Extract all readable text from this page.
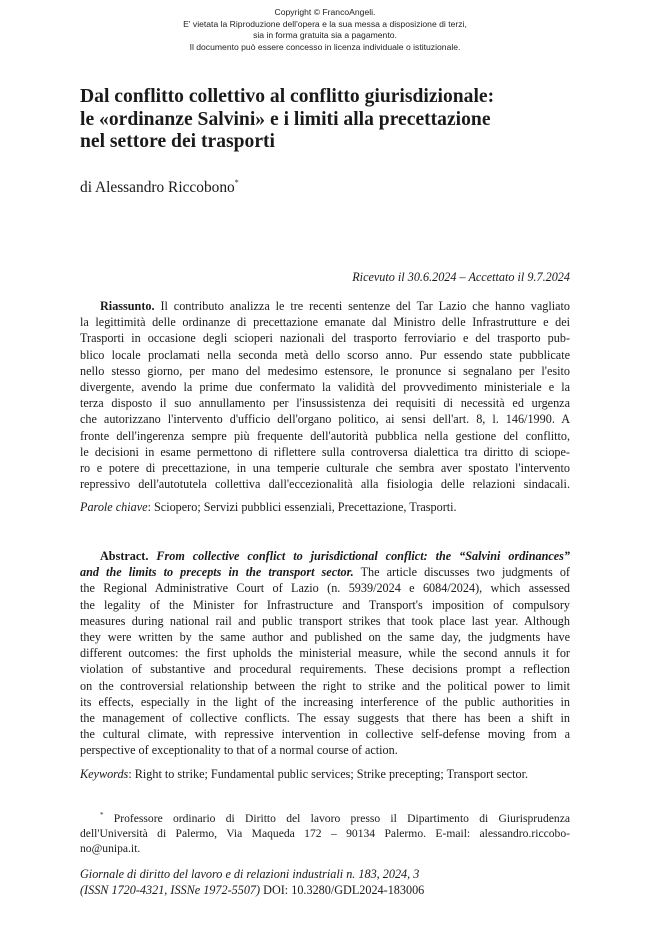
Copyright © FrancoAngeli.
E' vietata la Riproduzione dell'opera e la sua messa a disposizione di terzi,
sia in forma gratuita sia a pagamento.
Il documento può essere concesso in licenza individuale o istituzionale.
Dal conflitto collettivo al conflitto giurisdizionale:
le «ordinanze Salvini» e i limiti alla precettazione
nel settore dei trasporti
di Alessandro Riccobono*
Ricevuto il 30.6.2024 – Accettato il 9.7.2024
Riassunto. Il contributo analizza le tre recenti sentenze del Tar Lazio che hanno vagliato
la legittimità delle ordinanze di precettazione emanate dal Ministro delle Infrastrutture e dei
Trasporti in occasione degli scioperi nazionali del trasporto ferroviario e del trasporto pub-
blico locale proclamati nella seconda metà dello scorso anno. Pur essendo state pubblicate
nello stesso giorno, per mano del medesimo estensore, le pronunce si segnalano per l'esito
divergente, avendo la prime due confermato la validità del provvedimento ministeriale e la
terza disposto il suo annullamento per l'insussistenza dei requisiti di necessità ed urgenza
che autorizzano l'intervento d'ufficio dell'organo politico, ai sensi dell'art. 8, l. 146/1990. A
fronte dell'ingerenza sempre più frequente dell'autorità pubblica nella gestione del conflitto,
le decisioni in esame permettono di riflettere sulla controversa dialettica tra diritto di sciope-
ro e potere di precettazione, in una temperie culturale che sembra aver spostato l'intervento
repressivo dell'autotutela collettiva dall'eccezionalità alla fisiologia delle relazioni sindacali.
Parole chiave: Sciopero; Servizi pubblici essenziali, Precettazione, Trasporti.
Abstract. From collective conflict to jurisdictional conflict: the “Salvini ordinances”
and the limits to precepts in the transport sector. The article discusses two judgments of
the Regional Administrative Court of Lazio (n. 5939/2024 e 6084/2024), which assessed
the legality of the Minister for Infrastructure and Transport's imposition of compulsory
measures during national rail and public transport strikes that took place last year. Although
they were written by the same author and published on the same day, the judgments have
different outcomes: the first upholds the ministerial measure, while the second annuls it for
violation of substantive and procedural requirements. These decisions prompt a reflection
on the controversial relationship between the right to strike and the political power to limit
its effects, especially in the light of the increasing interference of the public authorities in
the management of collective conflicts. The essay suggests that there has been a shift in
the cultural climate, with repressive intervention in collective self-defense moving from a
perspective of exceptionality to that of a normal course of action.
Keywords: Right to strike; Fundamental public services; Strike precepting; Transport sector.
* Professore ordinario di Diritto del lavoro presso il Dipartimento di Giurisprudenza
dell'Università di Palermo, Via Maqueda 172 – 90134 Palermo. E-mail: alessandro.riccobo-
no@unipa.it.
Giornale di diritto del lavoro e di relazioni industriali n. 183, 2024, 3
(ISSN 1720-4321, ISSNe 1972-5507) DOI: 10.3280/GDL2024-183006
